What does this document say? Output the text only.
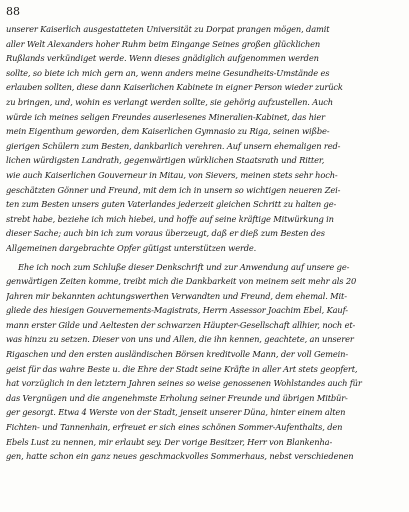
88
unserer Kaiserlich ausgestatteten Universität zu Dorpat prangen mögen, damit
aller Welt Alexanders hoher Ruhm beim Eingange Seines großen glücklichen
Rußlands verkündiget werde. Wenn dieses gnädiglich aufgenommen werden
sollte, so biete ich mich gern an, wenn anders meine Gesundheits-Umstände es
erlauben sollten, diese dann Kaiserlichen Kabinete in eigner Person wieder zurück
zu bringen, und, wohin es verlangt werden sollte, sie gehörig aufzustellen. Auch
würde ich meines seligen Freundes auserlesenes Mineralien-Kabinet, das hier
mein Eigenthum geworden, dem Kaiserlichen Gymnasio zu Riga, seinen wißbe-
gierigen Schülern zum Besten, dankbarlich verehren. Auf unsern ehemaligen red-
lichen würdigsten Landrath, gegenwärtigen würklichen Staatsrath und Ritter,
wie auch Kaiserlichen Gouverneur in Mitau, von Sievers, meinen stets sehr hoch-
geschätzten Gönner und Freund, mit dem ich in unsern so wichtigen neueren Zei-
ten zum Besten unsers guten Vaterlandes jederzeit gleichen Schritt zu halten ge-
strebt habe, beziehe ich mich hiebei, und hoffe auf seine kräftige Mitwürkung in
dieser Sache; auch bin ich zum voraus überzeugt, daß er dieß zum Besten des
Allgemeinen dargebrachte Opfer gütigst unterstützen werde.
Ehe ich noch zum Schluße dieser Denkschrift und zur Anwendung auf unsere ge-
genwärtigen Zeiten komme, treibt mich die Dankbarkeit von meinem seit mehr als 20
Jahren mir bekannten achtungswerthen Verwandten und Freund, dem ehemal. Mit-
gliede des hiesigen Gouvernements-Magistrats, Herrn Assessor Joachim Ebel, Kauf-
mann erster Gilde und Aeltesten der schwarzen Häupter-Gesellschaft allhier, noch et-
was hinzu zu setzen. Dieser von uns und Allen, die ihn kennen, geachtete, an unserer
Rigaschen und den ersten ausländischen Börsen kreditvolle Mann, der voll Gemein-
geist für das wahre Beste u. die Ehre der Stadt seine Kräfte in aller Art stets geopfert,
hat vorzüglich in den letztern Jahren seines so weise genossenen Wohlstandes auch für
das Vergnügen und die angenehmste Erholung seiner Freunde und übrigen Mitbür-
ger gesorgt. Etwa 4 Werste von der Stadt, jenseit unserer Düna, hinter einem alten
Fichten- und Tannenhain, erfreuet er sich eines schönen Sommer-Aufenthalts, den
Ebels Lust zu nennen, mir erlaubt sey. Der vorige Besitzer, Herr von Blankenha-
gen, hatte schon ein ganz neues geschmackvolles Sommerhaus, nebst verschiedenen
